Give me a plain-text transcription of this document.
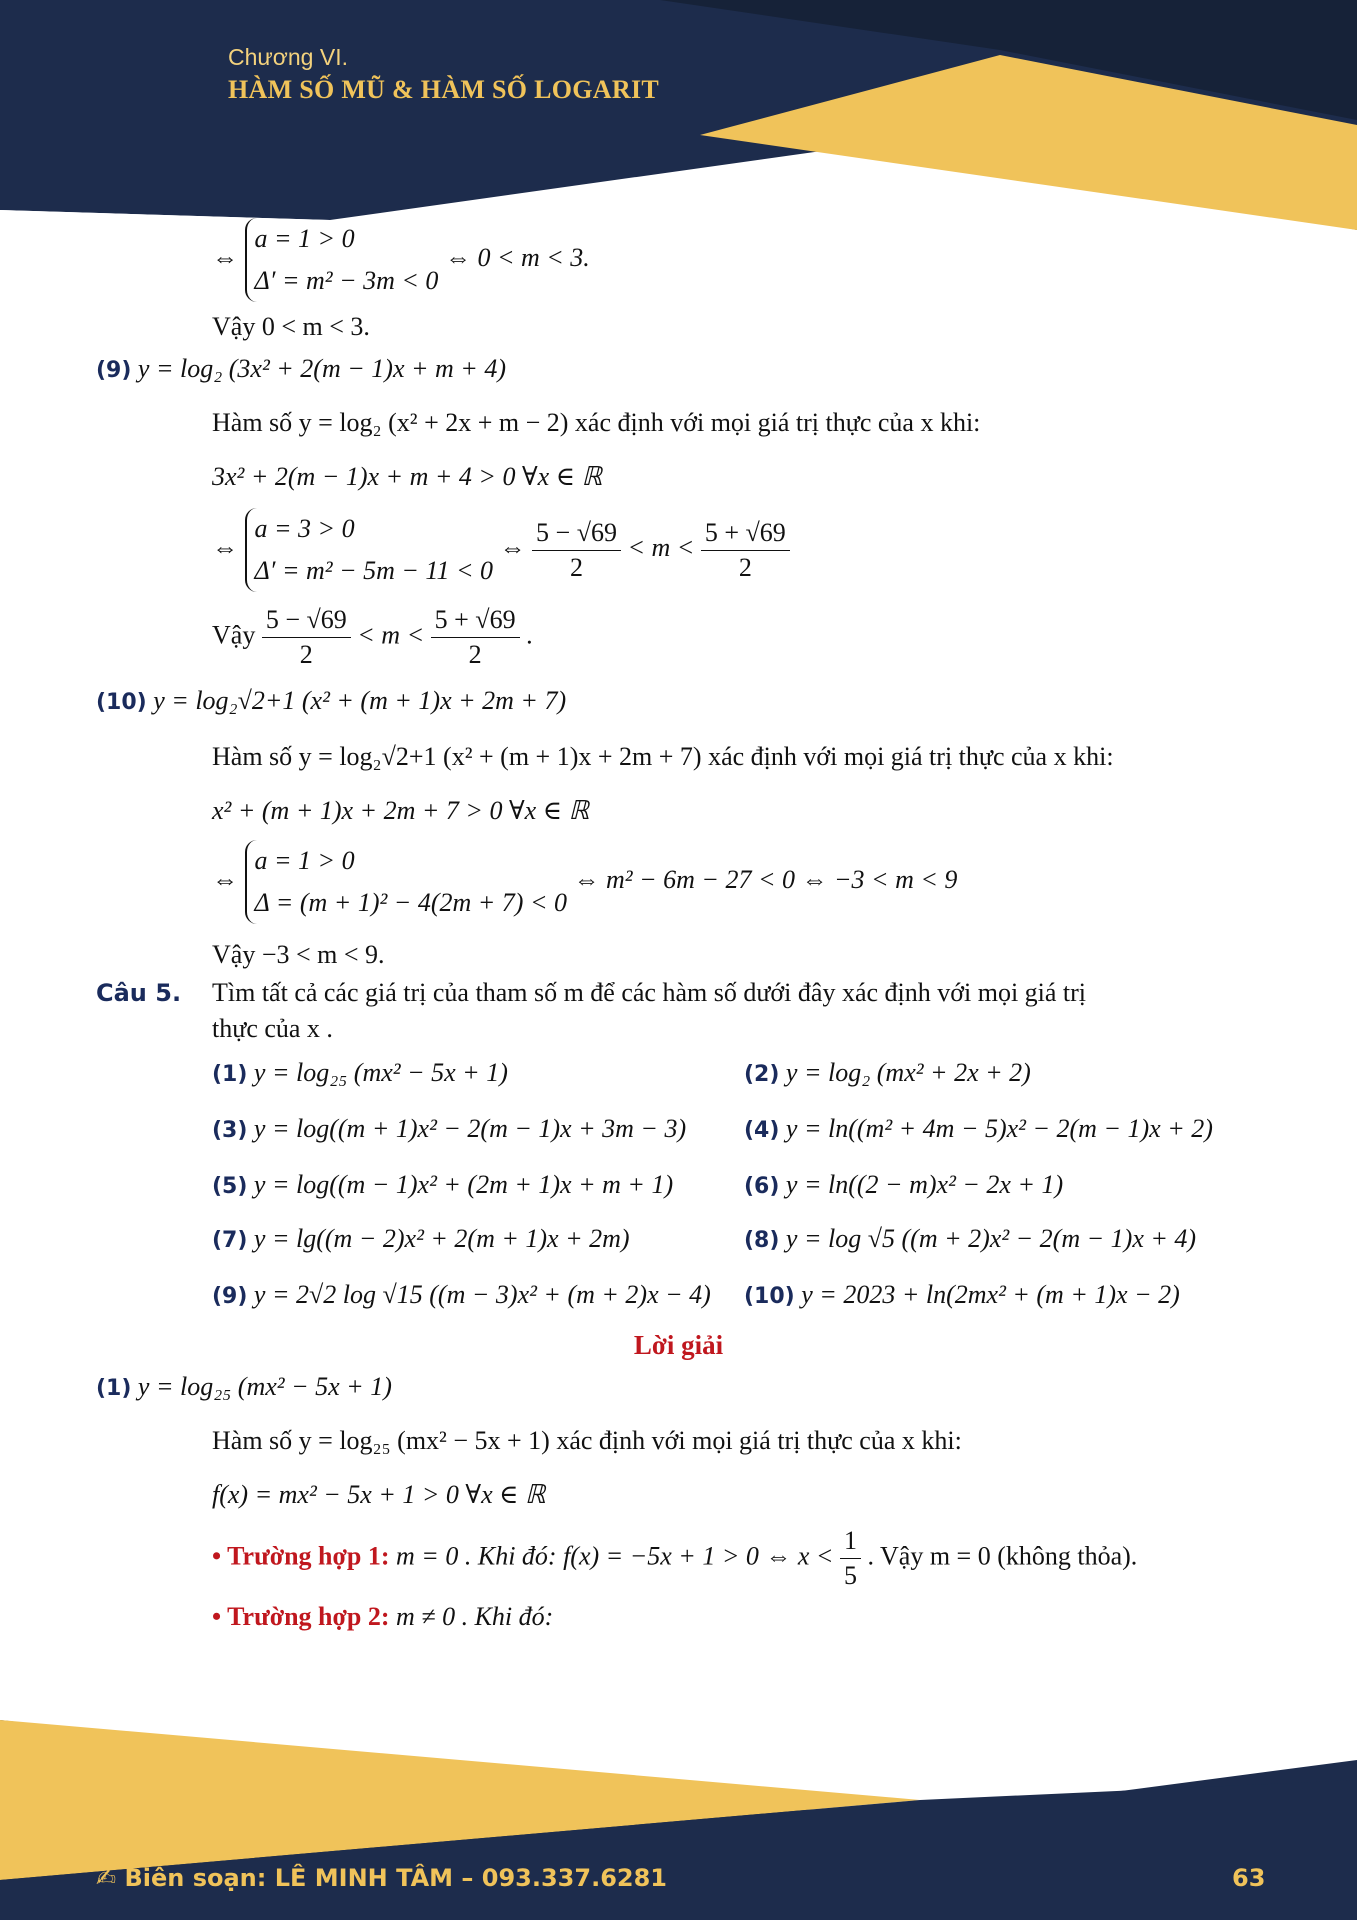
Chương VI.
HÀM SỐ MŨ & HÀM SỐ LOGARIT
⇔ a = 1 > 0
Δ′ = m² − 3m < 0 ⇔ 0 < m < 3.
Vậy 0 < m < 3.
(9) y = log₂ (3x² + 2(m − 1)x + m + 4)
Hàm số y = log₂ (x² + 2x + m − 2) xác định với mọi giá trị thực của x khi:
3x² + 2(m − 1)x + m + 4 > 0 ∀x ∈ ℝ
⇔ a = 3 > 0
Δ′ = m² − 5m − 11 < 0 ⇔ $\frac{5 - √69}{2} < m < \frac{5 + √69}{2}$
Vậy $\frac{5 - √69}{2} < m < \frac{5 + √69}{2}$ .
(10) y = log₂√2+1 (x² + (m + 1)x + 2m + 7)
Hàm số y = log₂√2+1 (x² + (m + 1)x + 2m + 7) xác định với mọi giá trị thực của x khi:
x² + (m + 1)x + 2m + 7 > 0 ∀x ∈ ℝ
⇔ a = 1 > 0
Δ = (m + 1)² − 4(2m + 7) < 0 ⇔ m² − 6m − 27 < 0 ⇔ −3 < m < 9
Vậy −3 < m < 9.
Câu 5. Tìm tất cả các giá trị của tham số m để các hàm số dưới đây xác định với mọi giá trị
thực của x .
(1) y = log₂₅ (mx² − 5x + 1)	(2) y = log₂ (mx² + 2x + 2)
(3) y = log((m + 1)x² − 2(m − 1)x + 3m − 3)	(4) y = ln((m² + 4m − 5)x² − 2(m − 1)x + 2)
(5) y = log((m − 1)x² + (2m + 1)x + m + 1)	(6) y = ln((2 − m)x² − 2x + 1)
(7) y = lg((m − 2)x² + 2(m + 1)x + 2m)	(8) y = log √5 ((m + 2)x² − 2(m − 1)x + 4)
(9) y = 2√2 log √15 ((m − 3)x² + (m + 2)x − 4) (10) y = 2023 + ln(2mx² + (m + 1)x − 2)
Lời giải
(1) y = log₂₅ (mx² − 5x + 1)
Hàm số y = log₂₅ (mx² − 5x + 1) xác định với mọi giá trị thực của x khi:
f(x) = mx² − 5x + 1 > 0 ∀x ∈ ℝ
• Trường hợp 1: m = 0 . Khi đó: f(x) = −5x + 1 > 0 ⇔ $x < \frac{1}{5}$ . Vậy m = 0 (không thỏa).
• Trường hợp 2: m ≠ 0 . Khi đó:
✍ Biên soạn: LÊ MINH TÂM – 093.337.6281	63
